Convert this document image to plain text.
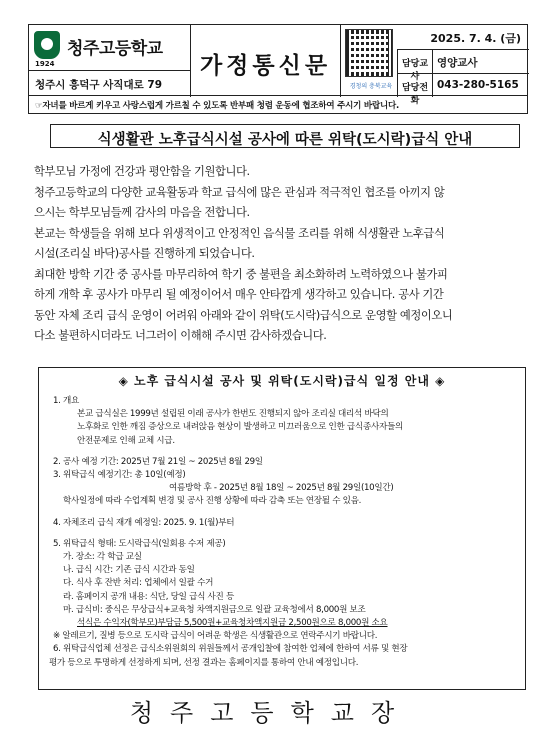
1924
청주고등학교
청주시 흥덕구 사직대로 79
가정통신문
경청의 충북교육
2025. 7. 4. (금)
담당교사
영양교사
담당전화
043-280-5165
☞자녀를 바르게 키우고 사랑스럽게 가르칠 수 있도록 반부패 청렴 운동에 협조하여 주시기 바랍니다.
식생활관 노후급식시설 공사에 따른 위탁(도시락)급식 안내

학부모님 가정에 건강과 평안함을 기원합니다.

청주고등학교의 다양한 교육활동과 학교 급식에 많은 관심과 적극적인 협조를 아끼지 않

으시는 학부모님들께 감사의 마음을 전합니다.

본교는 학생들을 위해 보다 위생적이고 안정적인 음식물 조리를 위해 식생활관 노후급식

시설(조리실 바닥)공사를 진행하게 되었습니다.

최대한 방학 기간 중 공사를 마무리하여 학기 중 불편을 최소화하려 노력하였으나 불가피

하게 개학 후 공사가 마무리 될 예정이어서 매우 안타깝게 생각하고 있습니다. 공사 기간

동안 자체 조리 급식 운영이 어려워 아래와 같이 위탁(도시락)급식으로 운영할 예정이오니

다소 불편하시더라도 너그러이 이해해 주시면 감사하겠습니다.

◈ 노후 급식시설 공사 및 위탁(도시락)급식 일정 안내 ◈

1. 개요

본교 급식실은 1999년 설립된 이래 공사가 한번도 진행되지 않아 조리실 대리석 바닥의

노후화로 인한 깨짐 증상으로 내려앉음 현상이 발생하고 미끄러움으로 인한 급식종사자들의

안전문제로 인해 교체 시급.

2. 공사 예정 기간: 2025년 7월 21일 ~ 2025년 8월 29일

3. 위탁급식 예정기간: 총 10일(예정)

여름방학 후 - 2025년 8월 18일 ~ 2025년 8월 29일(10일간)

학사일정에 따라 수업계획 변경 및 공사 진행 상황에 따라 감축 또는 연장될 수 있음.

4. 자체조리 급식 재개 예정일: 2025. 9. 1(월)부터

5. 위탁급식 형태: 도시락급식(일회용 수저 제공)

가. 장소: 각 학급 교실

나. 급식 시간: 기존 급식 시간과 동일

다. 식사 후 잔반 처리: 업체에서 일괄 수거

라. 홈페이지 공개 내용: 식단, 당일 급식 사진 등

마. 급식비: 중식은 무상급식+교육청 차액지원금으로 일괄 교육청에서 8,000원 보조

석식은 수익자(학부모)부담금 5,500원+교육청차액지원금 2,500원으로 8,000원 소요

※ 알레르기, 질병 등으로 도시락 급식이 어려운 학생은 식생활관으로 연락주시기 바랍니다.

6. 위탁급식업체 선정은 급식소위원회의 위원들께서 공개입찰에 참여한 업체에 한하여 서류 및 현장

평가 등으로 투명하게 선정하게 되며, 선정 결과는 홈페이지를 통하여 안내 예정입니다.

청주고등학교장
